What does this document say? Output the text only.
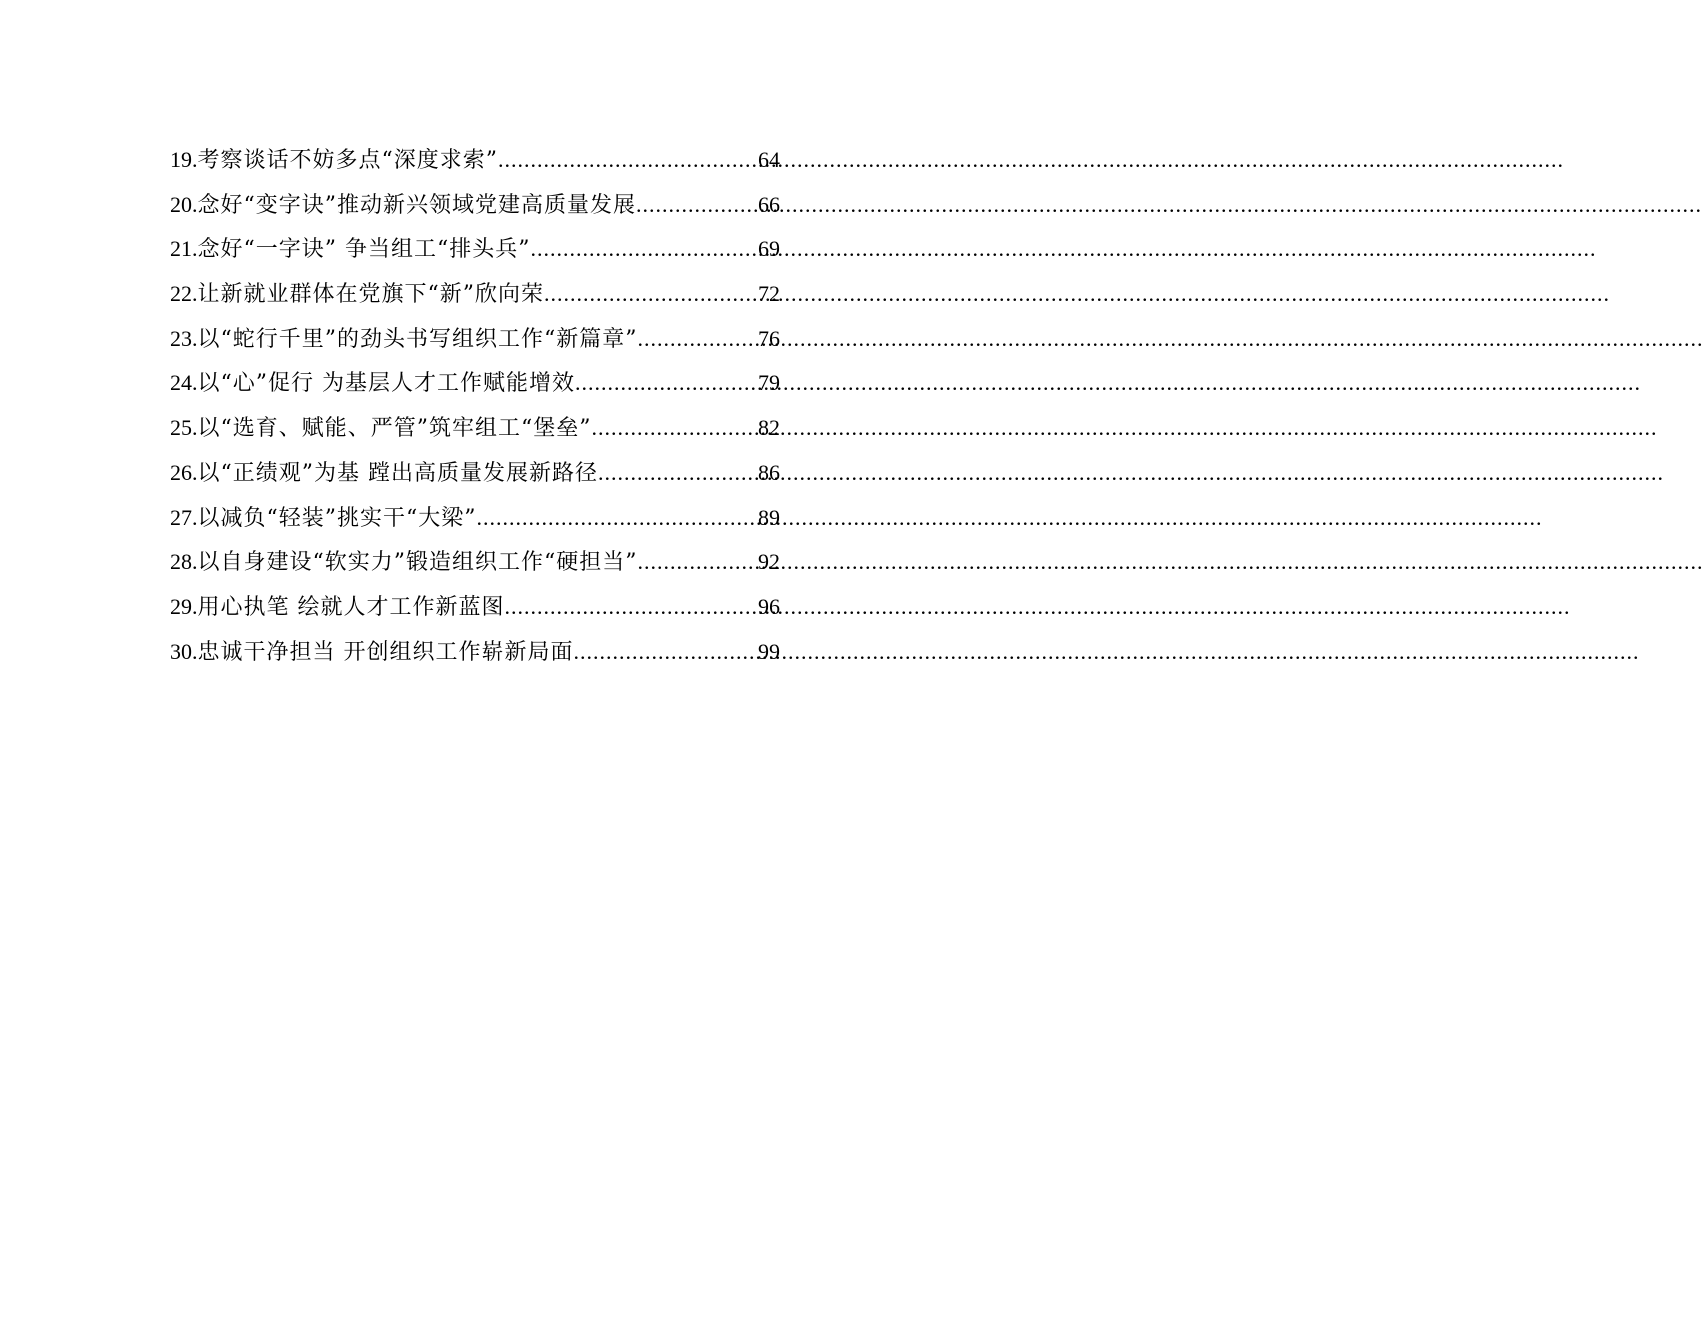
19.考察谈话不妨多点“深度求索” .....	64
20.念好“变字诀”推动新兴领域党建高质量发展 .....	66
21.念好“一字诀” 争当组工“排头兵” .....	69
22.让新就业群体在党旗下“新”欣向荣 .....	72
23.以“蛇行千里”的劲头书写组织工作“新篇章” .....	76
24.以“心”促行 为基层人才工作赋能增效 .....	79
25.以“选育、赋能、严管”筑牢组工“堡垒” .....	82
26.以“正绩观”为基 蹚出高质量发展新路径 .....	86
27.以减负“轻装”挑实干“大梁” .....	89
28.以自身建设“软实力”锻造组织工作“硬担当” .....	92
29.用心执笔 绘就人才工作新蓝图 .....	96
30.忠诚干净担当 开创组织工作崭新局面 .....	99
